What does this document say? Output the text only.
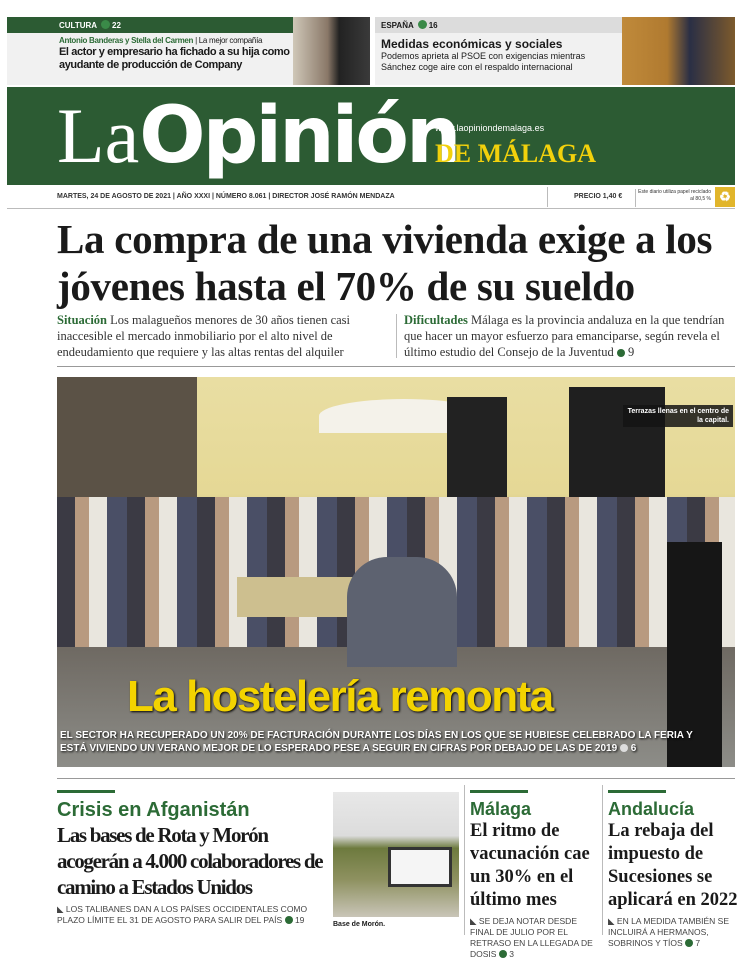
CULTURA 22
Antonio Banderas y Stella del Carmen | La mejor compañía
El actor y empresario ha fichado a su hija como ayudante de producción de Company
ESPAÑA 16
Medidas económicas y sociales
Podemos aprieta al PSOE con exigencias mientras Sánchez coge aire con el respaldo internacional
LaOpinión
www.laopiniondemalaga.es
DE MÁLAGA
MARTES, 24 DE AGOSTO DE 2021 | AÑO XXXI | NÚMERO 8.061 | DIRECTOR JOSÉ RAMÓN MENDAZA	PRECIO 1,40 €
Este diario utiliza papel reciclado al 80,5 % ♻
La compra de una vivienda exige a los jóvenes hasta el 70% de su sueldo
Situación Los malagueños menores de 30 años tienen casi inaccesible el mercado inmobiliario por el alto nivel de endeudamiento que requiere y las altas rentas del alquiler
Dificultades Málaga es la provincia andaluza en la que tendrían que hacer un mayor esfuerzo para emanciparse, según revela el último estudio del Consejo de la Juventud 9
Terrazas llenas en el centro de la capital.
La hostelería remonta
EL SECTOR HA RECUPERADO UN 20% DE FACTURACIÓN DURANTE LOS DÍAS EN LOS QUE SE HUBIESE CELEBRADO LA FERIA Y ESTÁ VIVIENDO UN VERANO MEJOR DE LO ESPERADO PESE A SEGUIR EN CIFRAS POR DEBAJO DE LAS DE 2019 6
Crisis en Afganistán
Las bases de Rota y Morón acogerán a 4.000 colaboradores de camino a Estados Unidos
◣ LOS TALIBANES DAN A LOS PAÍSES OCCIDENTALES COMO PLAZO LÍMITE EL 31 DE AGOSTO PARA SALIR DEL PAÍS 19	Base de Morón.
Málaga
El ritmo de vacunación cae un 30% en el último mes
◣ SE DEJA NOTAR DESDE FINAL DE JULIO POR EL RETRASO EN LA LLEGADA DE DOSIS 3
Andalucía
La rebaja del impuesto de Sucesiones se aplicará en 2022
◣ EN LA MEDIDA TAMBIÉN SE INCLUIRÁ A HERMANOS, SOBRINOS Y TÍOS 7
